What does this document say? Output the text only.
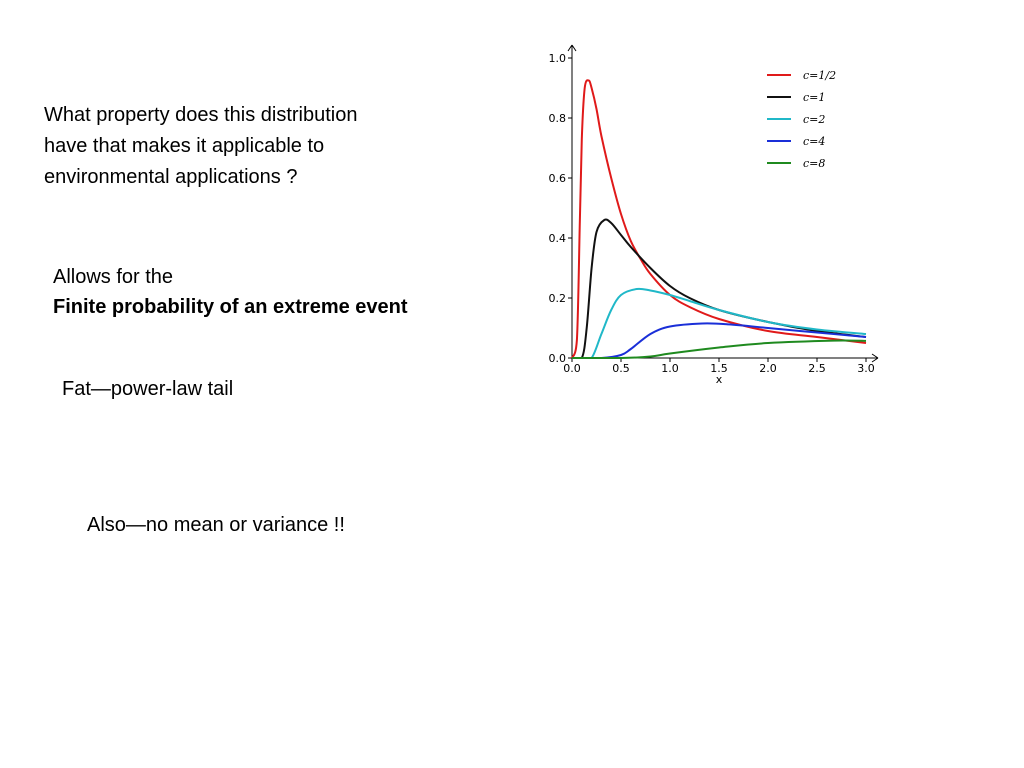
What property does this distribution
have that makes it applicable to
environmental applications ?
Allows for the
Finite probability of an extreme event
Fat—power-law tail
Also—no mean or variance !!
0.0	0.5	1.0	1.5	2.0	2.5	3.0
0.0
0.2
0.4
0.6
0.8
1.0
x
c=1/2
c=1
c=2
c=4
c=8
